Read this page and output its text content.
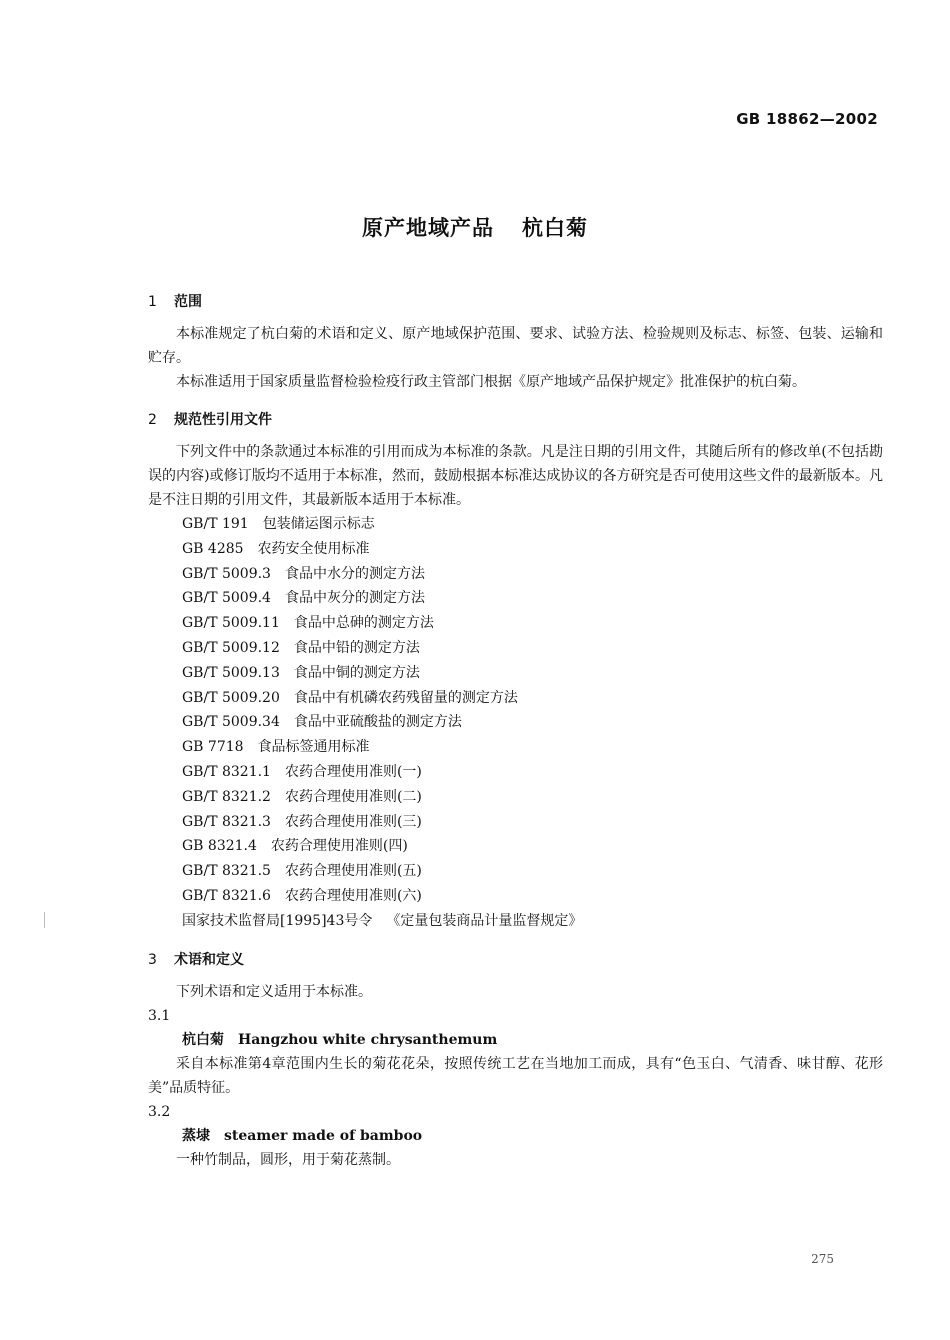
GB 18862—2002
原产地域产品 杭白菊
1 范围

本标准规定了杭白菊的术语和定义、原产地域保护范围、要求、试验方法、检验规则及标志、标签、包装、运输和贮存。

本标准适用于国家质量监督检验检疫行政主管部门根据《原产地域产品保护规定》批准保护的杭白菊。

2 规范性引用文件

下列文件中的条款通过本标准的引用而成为本标准的条款。凡是注日期的引用文件，其随后所有的修改单(不包括勘误的内容)或修订版均不适用于本标准，然而，鼓励根据本标准达成协议的各方研究是否可使用这些文件的最新版本。凡是不注日期的引用文件，其最新版本适用于本标准。

GB/T 191 包装储运图示标志

GB 4285 农药安全使用标准

GB/T 5009.3 食品中水分的测定方法

GB/T 5009.4 食品中灰分的测定方法

GB/T 5009.11 食品中总砷的测定方法

GB/T 5009.12 食品中铅的测定方法

GB/T 5009.13 食品中铜的测定方法

GB/T 5009.20 食品中有机磷农药残留量的测定方法

GB/T 5009.34 食品中亚硫酸盐的测定方法

GB 7718 食品标签通用标准

GB/T 8321.1 农药合理使用准则(一)

GB/T 8321.2 农药合理使用准则(二)

GB/T 8321.3 农药合理使用准则(三)

GB 8321.4 农药合理使用准则(四)

GB/T 8321.5 农药合理使用准则(五)

GB/T 8321.6 农药合理使用准则(六)

国家技术监督局[1995]43号令 《定量包装商品计量监督规定》

3 术语和定义

下列术语和定义适用于本标准。

3.1

杭白菊 Hangzhou white chrysanthemum

采自本标准第4章范围内生长的菊花花朵，按照传统工艺在当地加工而成，具有“色玉白、气清香、味甘醇、花形美”品质特征。

3.2

蒸埭 steamer made of bamboo

一种竹制品，圆形，用于菊花蒸制。

275
